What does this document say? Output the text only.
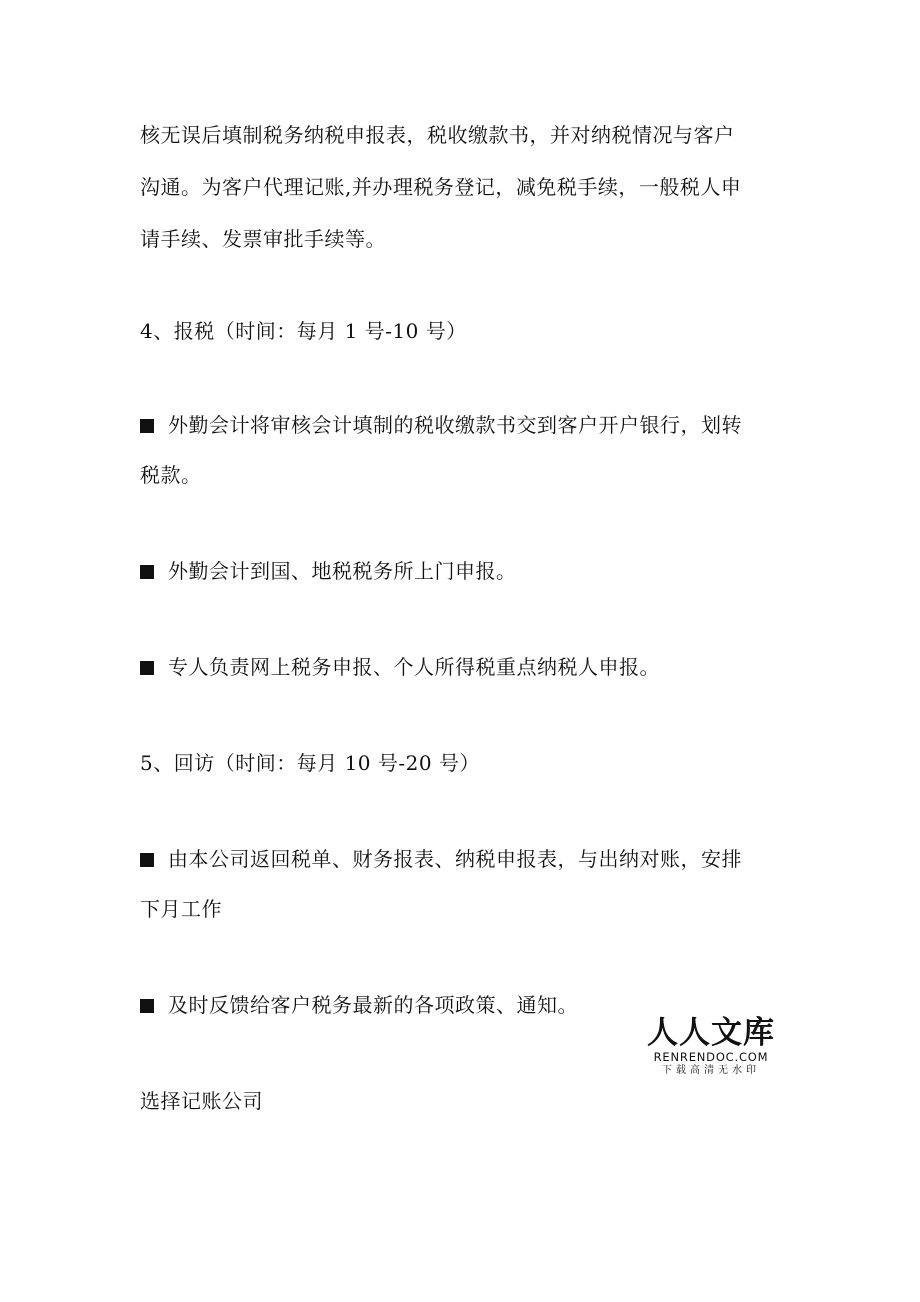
核无误后填制税务纳税申报表，税收缴款书，并对纳税情况与客户
沟通。为客户代理记账,并办理税务登记，减免税手续，一般税人申
请手续、发票审批手续等。
4、报税（时间：每月 1 号-10 号）
外勤会计将审核会计填制的税收缴款书交到客户开户银行，划转
税款。
外勤会计到国、地税税务所上门申报。
专人负责网上税务申报、个人所得税重点纳税人申报。
5、回访（时间：每月 10 号-20 号）
由本公司返回税单、财务报表、纳税申报表，与出纳对账，安排
下月工作
及时反馈给客户税务最新的各项政策、通知。
选择记账公司
人人文库
RENRENDOC.COM
下载高清无水印
